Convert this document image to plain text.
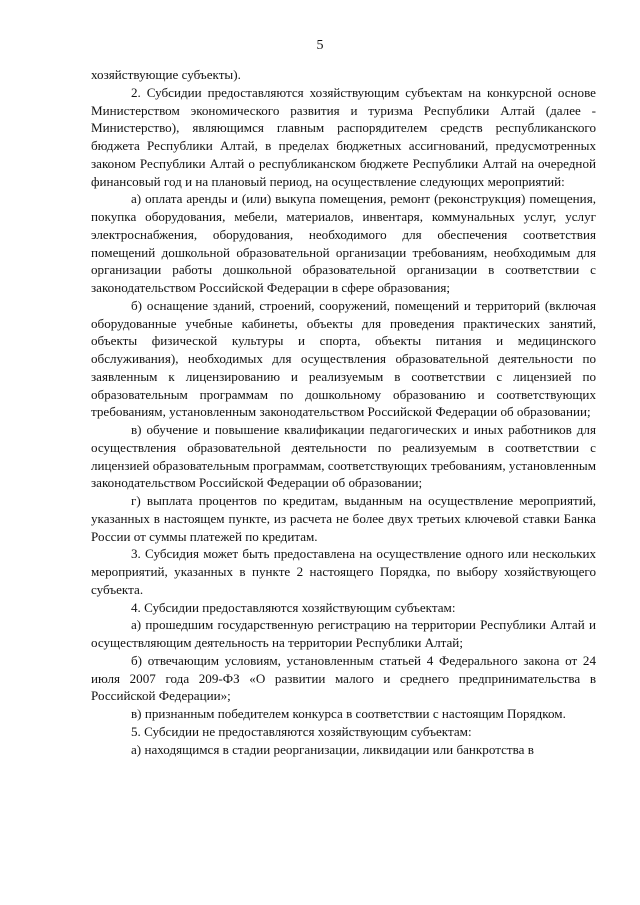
5

хозяйствующие субъекты).

2. Субсидии предоставляются хозяйствующим субъектам на конкурсной основе Министерством экономического развития и туризма Республики Алтай (далее - Министерство), являющимся главным распорядителем средств республиканского бюджета Республики Алтай, в пределах бюджетных ассигнований, предусмотренных законом Республики Алтай о республиканском бюджете Республики Алтай на очередной финансовый год и на плановый период, на осуществление следующих мероприятий:

а) оплата аренды и (или) выкупа помещения, ремонт (реконструкция) помещения, покупка оборудования, мебели, материалов, инвентаря, коммунальных услуг, услуг электроснабжения, оборудования, необходимого для обеспечения соответствия помещений дошкольной образовательной организации требованиям, необходимым для организации работы дошкольной образовательной организации в соответствии с законодательством Российской Федерации в сфере образования;

б) оснащение зданий, строений, сооружений, помещений и территорий (включая оборудованные учебные кабинеты, объекты для проведения практических занятий, объекты физической культуры и спорта, объекты питания и медицинского обслуживания), необходимых для осуществления образовательной деятельности по заявленным к лицензированию и реализуемым в соответствии с лицензией по образовательным программам по дошкольному образованию и соответствующих требованиям, установленным законодательством Российской Федерации об образовании;

в) обучение и повышение квалификации педагогических и иных работников для осуществления образовательной деятельности по реализуемым в соответствии с лицензией образовательным программам, соответствующих требованиям, установленным законодательством Российской Федерации об образовании;

г) выплата процентов по кредитам, выданным на осуществление мероприятий, указанных в настоящем пункте, из расчета не более двух третьих ключевой ставки Банка России от суммы платежей по кредитам.

3. Субсидия может быть предоставлена на осуществление одного или нескольких мероприятий, указанных в пункте 2 настоящего Порядка, по выбору хозяйствующего субъекта.

4. Субсидии предоставляются хозяйствующим субъектам:

а) прошедшим государственную регистрацию на территории Республики Алтай и осуществляющим деятельность на территории Республики Алтай;

б) отвечающим условиям, установленным статьей 4 Федерального закона от 24 июля 2007 года 209-ФЗ «О развитии малого и среднего предпринимательства в Российской Федерации»;

в) признанным победителем конкурса в соответствии с настоящим Порядком.

5. Субсидии не предоставляются хозяйствующим субъектам:

а) находящимся в стадии реорганизации, ликвидации или банкротства в
